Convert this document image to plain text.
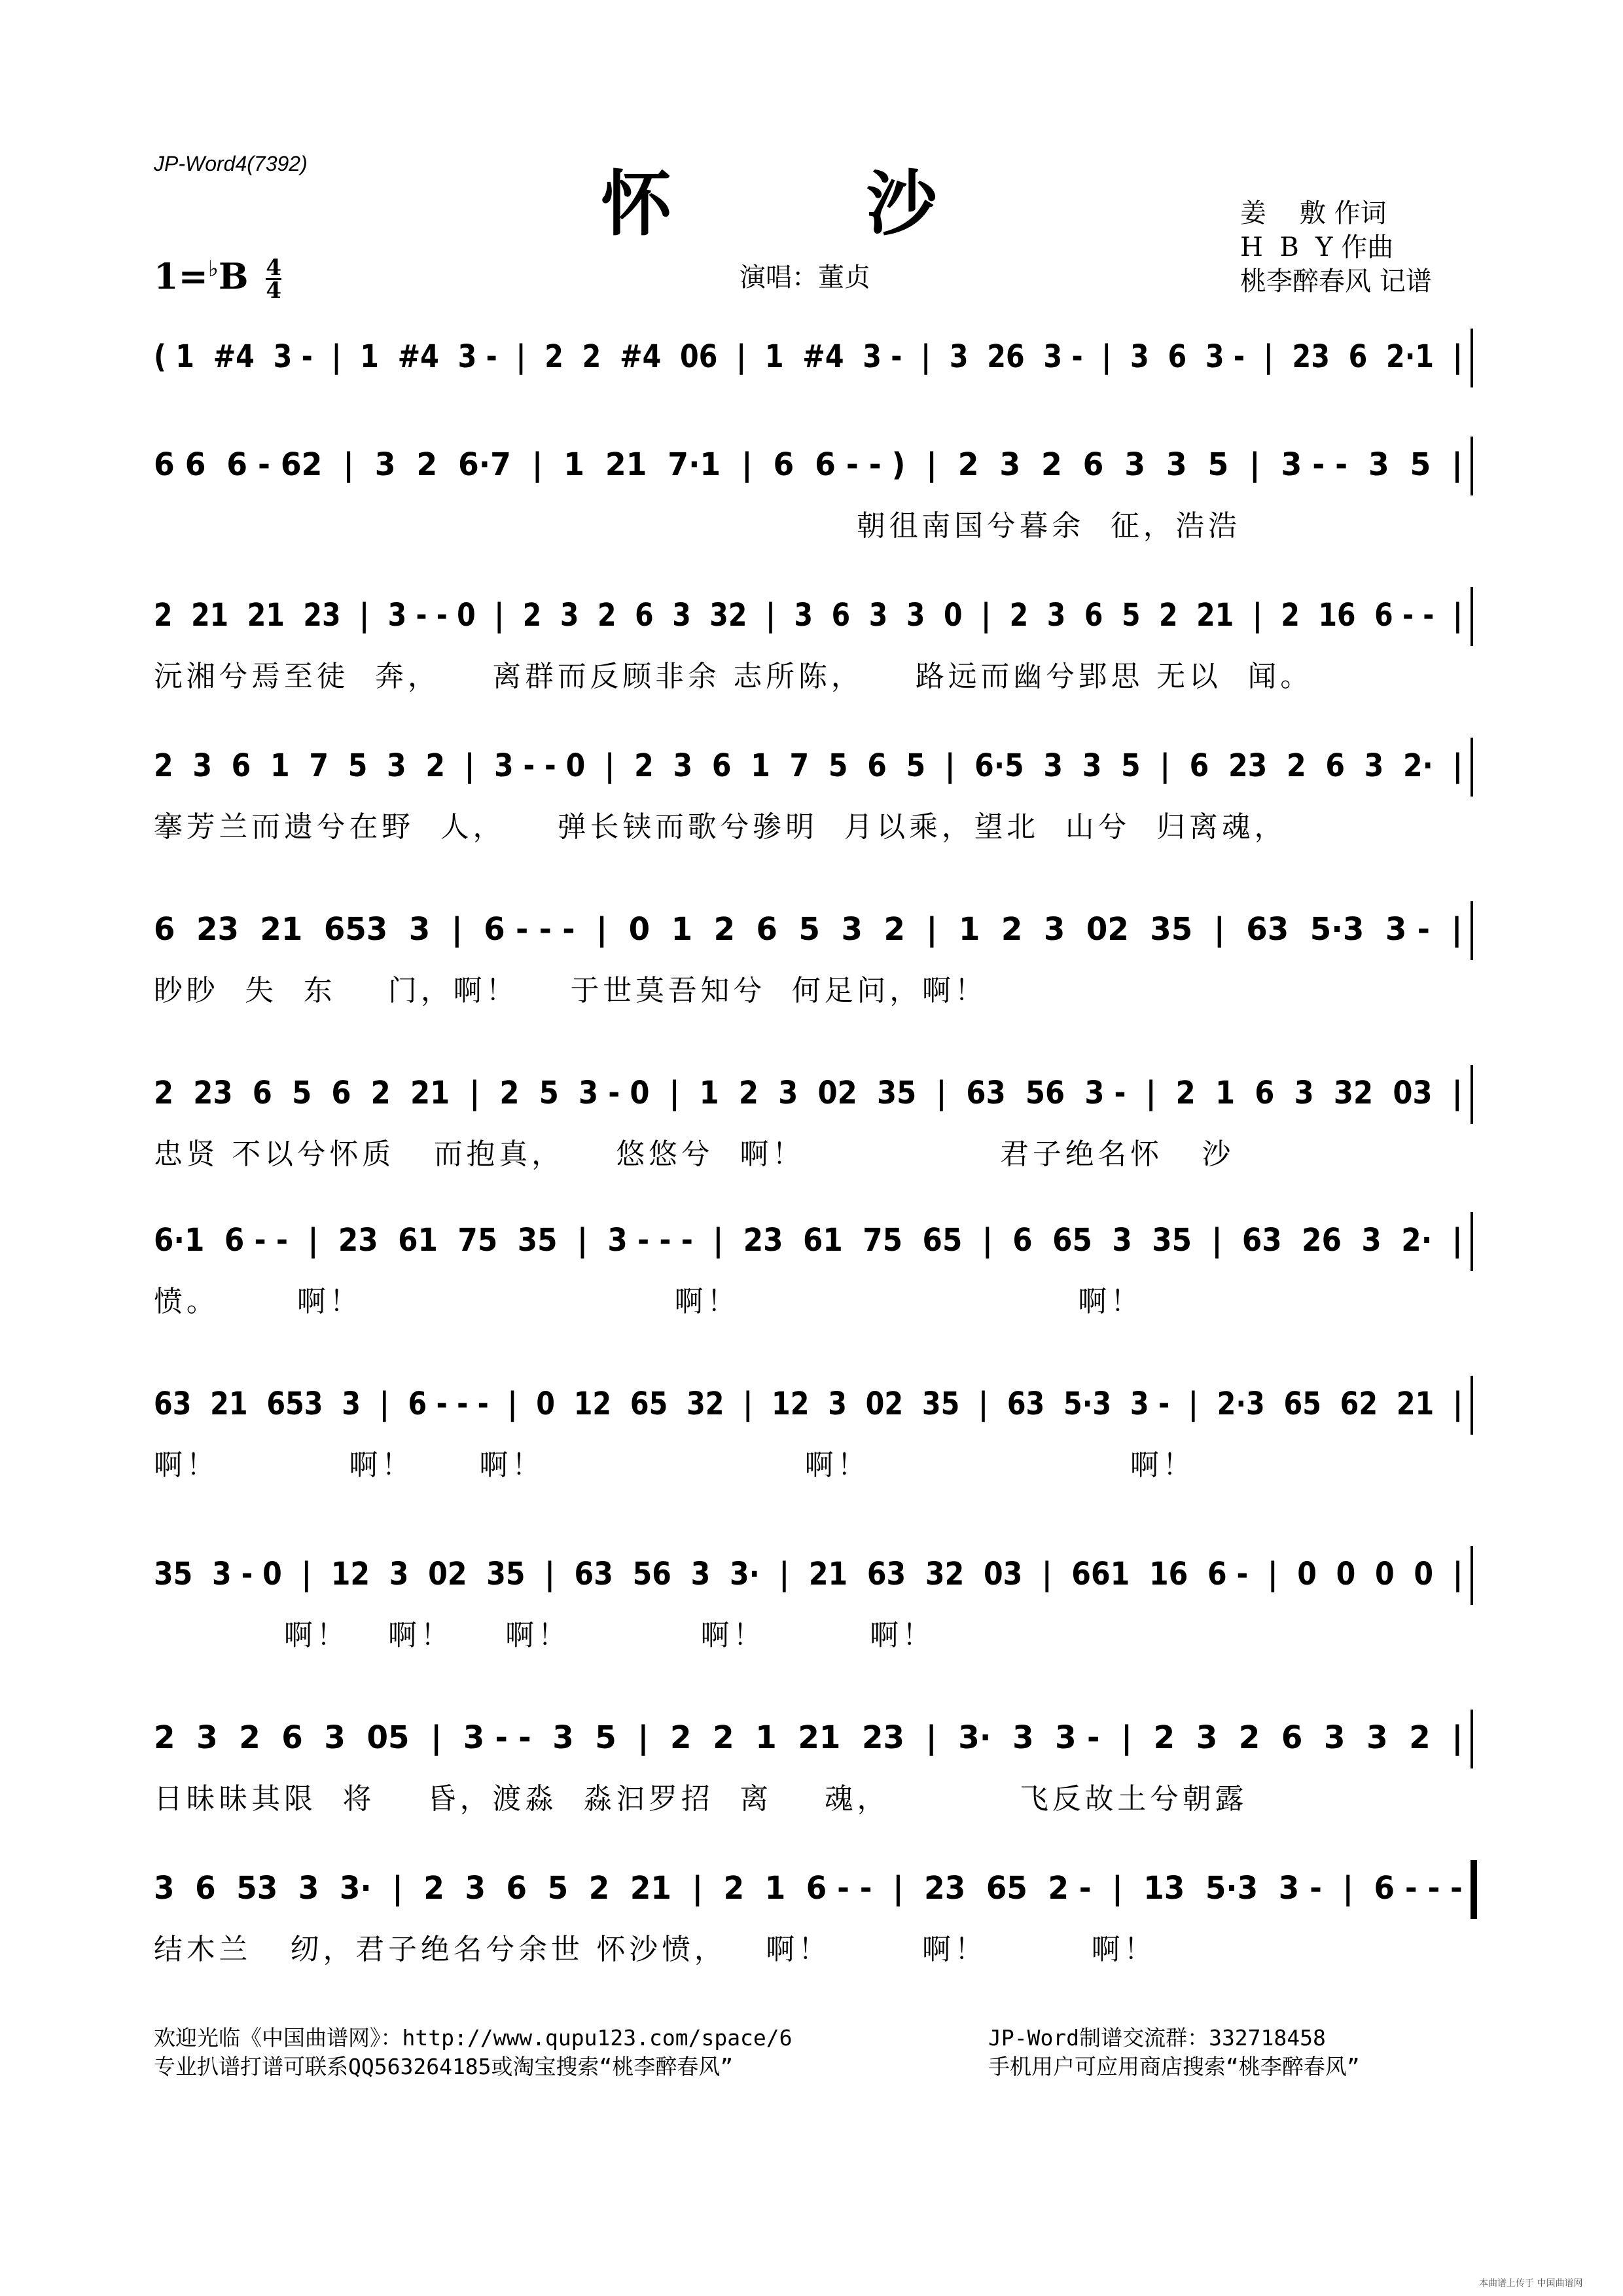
JP-Word4(7392)	怀 沙	姜    敷 作词
H  B  Y 作曲
桃李醉春风 记谱
$1=^♭B \frac{4}{4}$	演唱：董贞
( 1  #4  3 -  |  1  #4  3 -  |  2  2  #4  06  |  1  #4  3 -  |  3  26  3 -  |  3  6  3 -  |  23  6  2·1  |
6 6  6 - 62  |  3  2  6·7  |  1  21  7·1  |  6  6 - - )  |  2  3  2  6  3  3  5  |  3 - -  3  5  |
朝徂南国兮暮余  征，浩浩
2  21  21  23  |  3 - - 0  |  2  3  2  6  3  32  |  3  6  3  3  0  |  2  3  6  5  2  21  |  2  16  6 - -  |
沅湘兮焉至徒  奔，    离群而反顾非余 志所陈，    路远而幽兮郢思 无以  闻。
2  3  6  1  7  5  3  2  |  3 - - 0  |  2  3  6  1  7  5  6  5  |  6·5  3  3  5  |  6  23  2  6  3  2·  |
搴芳兰而遗兮在野  人，    弹长铗而歌兮骖明  月以乘，望北  山兮  归离魂，
6  23  21  653  3  |  6 - - -  |  0  1  2  6  5  3  2  |  1  2  3  02  35  |  63  5·3  3 -  |
眇眇  失  东    门，啊！    于世莫吾知兮  何足问，啊！
2  23  6  5  6  2  21  |  2  5  3 - 0  |  1  2  3  02  35  |  63  56  3 -  |  2  1  6  3  32  03  |
忠贤 不以兮怀质   而抱真，    悠悠兮  啊！               君子绝名怀   沙
6·1  6 - -  |  23  61  75  35  |  3 - - -  |  23  61  75  65  |  6  65  3  35  |  63  26  3  2·  |
愤。      啊！                        啊！                          啊！
63  21  653  3  |  6 - - -  |  0  12  65  32  |  12  3  02  35  |  63  5·3  3 -  |  2·3  65  62  21  |
啊！          啊！     啊！                    啊！                    啊！
35  3 - 0  |  12  3  02  35  |  63  56  3  3·  |  21  63  32  03  |  661  16  6 -  |  0  0  0  0  |
啊！   啊！    啊！          啊！        啊！
2  3  2  6  3  05  |  3 - -  3  5  |  2  2  1  21  23  |  3·  3  3 -  |  2  3  2  6  3  3  2  |
日昧昧其限  将    昏，渡淼  淼汩罗招  离    魂，          飞反故土兮朝露
3  6  53  3  3·  |  2  3  6  5  2  21  |  2  1  6 - -  |  23  65  2 -  |  13  5·3  3 -  |  6 - - -
结木兰   纫，君子绝名兮余世 怀沙愤，   啊！       啊！        啊！
欢迎光临《中国曲谱网》：http://www.qupu123.com/space/6
专业扒谱打谱可联系QQ563264185或淘宝搜索“桃李醉春风”
JP-Word制谱交流群：332718458
手机用户可应用商店搜索“桃李醉春风”
本曲谱上传于 中国曲谱网
